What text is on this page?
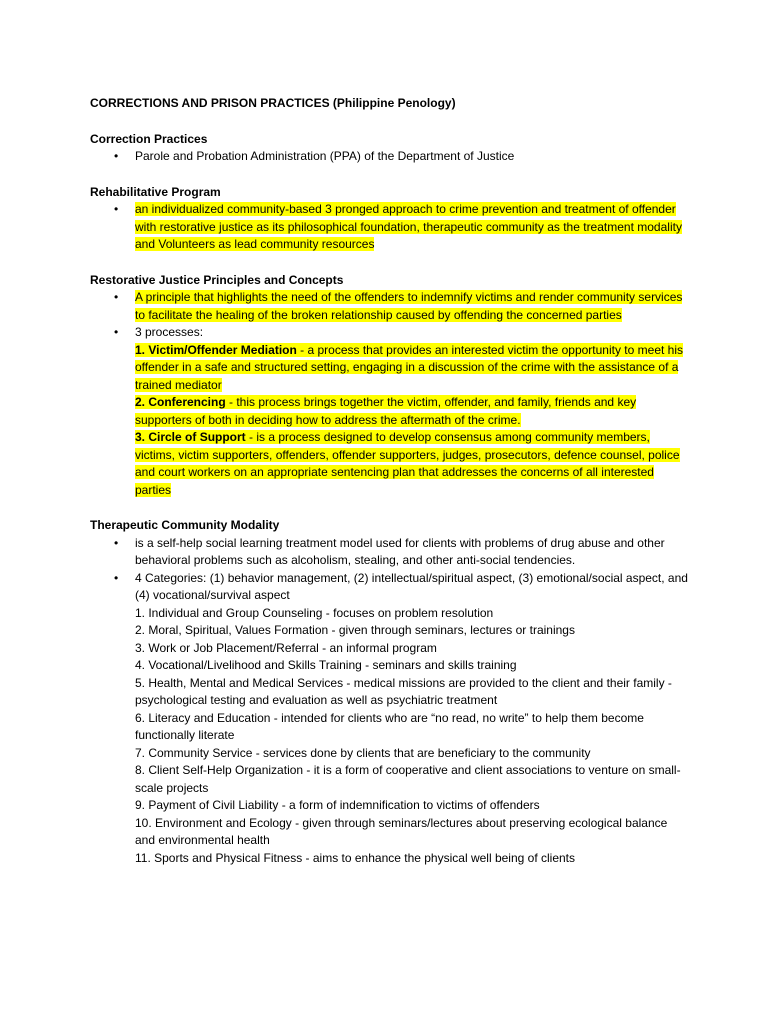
CORRECTIONS AND PRISON PRACTICES (Philippine Penology)

Correction Practices

• Parole and Probation Administration (PPA) of the Department of Justice

Rehabilitative Program

• an individualized community-based 3 pronged approach to crime prevention and treatment of offender with restorative justice as its philosophical foundation, therapeutic community as the treatment modality and Volunteers as lead community resources

Restorative Justice Principles and Concepts

• A principle that highlights the need of the offenders to indemnify victims and render community services to facilitate the healing of the broken relationship caused by offending the concerned parties
• 3 processes:
1. Victim/Offender Mediation - a process that provides an interested victim the opportunity to meet his offender in a safe and structured setting, engaging in a discussion of the crime with the assistance of a trained mediator
2. Conferencing - this process brings together the victim, offender, and family, friends and key supporters of both in deciding how to address the aftermath of the crime.
3. Circle of Support - is a process designed to develop consensus among community members, victims, victim supporters, offenders, offender supporters, judges, prosecutors, defence counsel, police and court workers on an appropriate sentencing plan that addresses the concerns of all interested parties

Therapeutic Community Modality

• is a self-help social learning treatment model used for clients with problems of drug abuse and other behavioral problems such as alcoholism, stealing, and other anti-social tendencies.
• 4 Categories: (1) behavior management, (2) intellectual/spiritual aspect, (3) emotional/social aspect, and (4) vocational/survival aspect

1. Individual and Group Counseling - focuses on problem resolution

2. Moral, Spiritual, Values Formation - given through seminars, lectures or trainings

3. Work or Job Placement/Referral - an informal program

4. Vocational/Livelihood and Skills Training - seminars and skills training

5. Health, Mental and Medical Services - medical missions are provided to the client and their family - psychological testing and evaluation as well as psychiatric treatment

6. Literacy and Education - intended for clients who are “no read, no write” to help them become functionally literate

7. Community Service - services done by clients that are beneficiary to the community

8. Client Self-Help Organization - it is a form of cooperative and client associations to venture on small-scale projects

9. Payment of Civil Liability - a form of indemnification to victims of offenders

10. Environment and Ecology - given through seminars/lectures about preserving ecological balance and environmental health

11. Sports and Physical Fitness - aims to enhance the physical well being of clients
